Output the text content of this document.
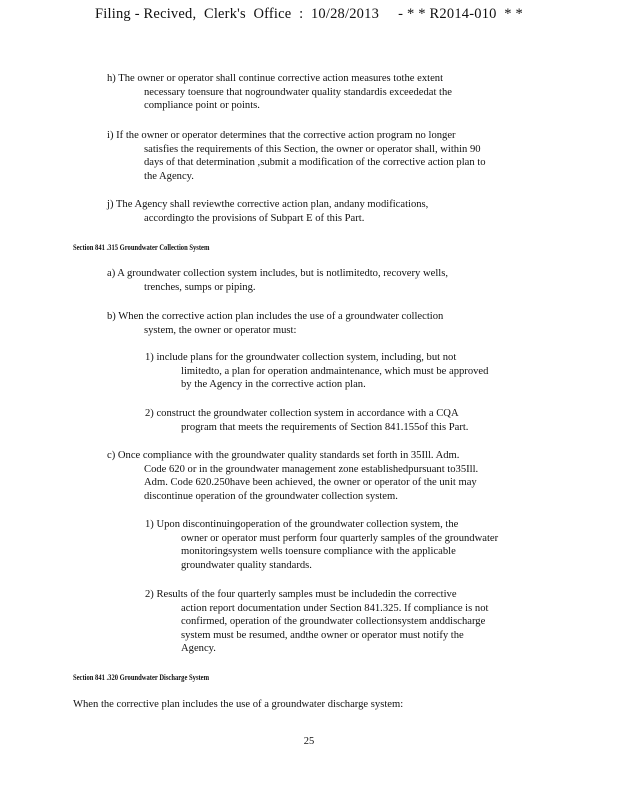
Filing - Recived,  Clerk's  Office  :  10/28/2013     - * * R2014-010  * *
h) The owner or operator shall continue corrective action measures tothe extent
necessary toensure that nogroundwater quality standardis exceededat the
compliance point or points.
i) If the owner or operator determines that the corrective action program no longer
satisfies the requirements of this Section, the owner or operator shall, within 90
days of that determination ,submit a modification of the corrective action plan to
the Agency.
j) The Agency shall reviewthe corrective action plan, andany modifications,
accordingto the provisions of Subpart E of this Part.
Section 841 .315 Groundwater Collection System
a) A groundwater collection system includes, but is notlimitedto, recovery wells,
trenches, sumps or piping.
b) When the corrective action plan includes the use of a groundwater collection
system, the owner or operator must:
1) include plans for the groundwater collection system, including, but not
limitedto, a plan for operation andmaintenance, which must be approved
by the Agency in the corrective action plan.
2) construct the groundwater collection system in accordance with a CQA
program that meets the requirements of Section 841.155of this Part.
c) Once compliance with the groundwater quality standards set forth in 35Ill. Adm.
Code 620 or in the groundwater management zone establishedpursuant to35Ill.
Adm. Code 620.250have been achieved, the owner or operator of the unit may
discontinue operation of the groundwater collection system.
1) Upon discontinuingoperation of the groundwater collection system, the
owner or operator must perform four quarterly samples of the groundwater
monitoringsystem wells toensure compliance with the applicable
groundwater quality standards.
2) Results of the four quarterly samples must be includedin the corrective
action report documentation under Section 841.325. If compliance is not
confirmed, operation of the groundwater collectionsystem anddischarge
system must be resumed, andthe owner or operator must notify the
Agency.
Section 841 .320 Groundwater Discharge System
When the corrective plan includes the use of a groundwater discharge system:
25
